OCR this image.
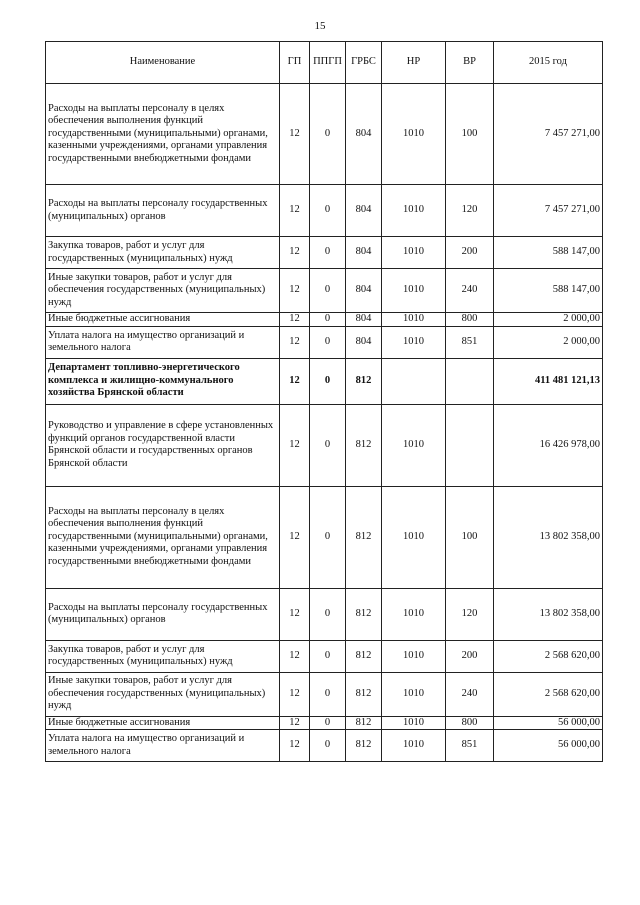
15
Наименование	ГП	ППГП	ГРБС	НР	ВР	2015 год
Расходы на выплаты персоналу в целях обеспечения выполнения функций государственными (муниципальными) органами, казенными учреждениями, органами управления государственными внебюджетными фондами	12	0	804	1010	100	7 457 271,00
Расходы на выплаты персоналу государственных (муниципальных) органов	12	0	804	1010	120	7 457 271,00
Закупка товаров, работ и услуг для государственных (муниципальных) нужд	12	0	804	1010	200	588 147,00
Иные закупки товаров, работ и услуг для обеспечения государственных (муниципальных) нужд	12	0	804	1010	240	588 147,00
Иные бюджетные ассигнования	12	0	804	1010	800	2 000,00
Уплата налога на имущество организаций и земельного налога	12	0	804	1010	851	2 000,00
Департамент топливно-энергетического комплекса и жилищно-коммунального хозяйства Брянской области	12	0	812			411 481 121,13
Руководство и управление в сфере установленных функций органов государственной власти Брянской области и государственных органов Брянской области	12	0	812	1010		16 426 978,00
Расходы на выплаты персоналу в целях обеспечения выполнения функций государственными (муниципальными) органами, казенными учреждениями, органами управления государственными внебюджетными фондами	12	0	812	1010	100	13 802 358,00
Расходы на выплаты персоналу государственных (муниципальных) органов	12	0	812	1010	120	13 802 358,00
Закупка товаров, работ и услуг для государственных (муниципальных) нужд	12	0	812	1010	200	2 568 620,00
Иные закупки товаров, работ и услуг для обеспечения государственных (муниципальных) нужд	12	0	812	1010	240	2 568 620,00
Иные бюджетные ассигнования	12	0	812	1010	800	56 000,00
Уплата налога на имущество организаций и земельного налога	12	0	812	1010	851	56 000,00
